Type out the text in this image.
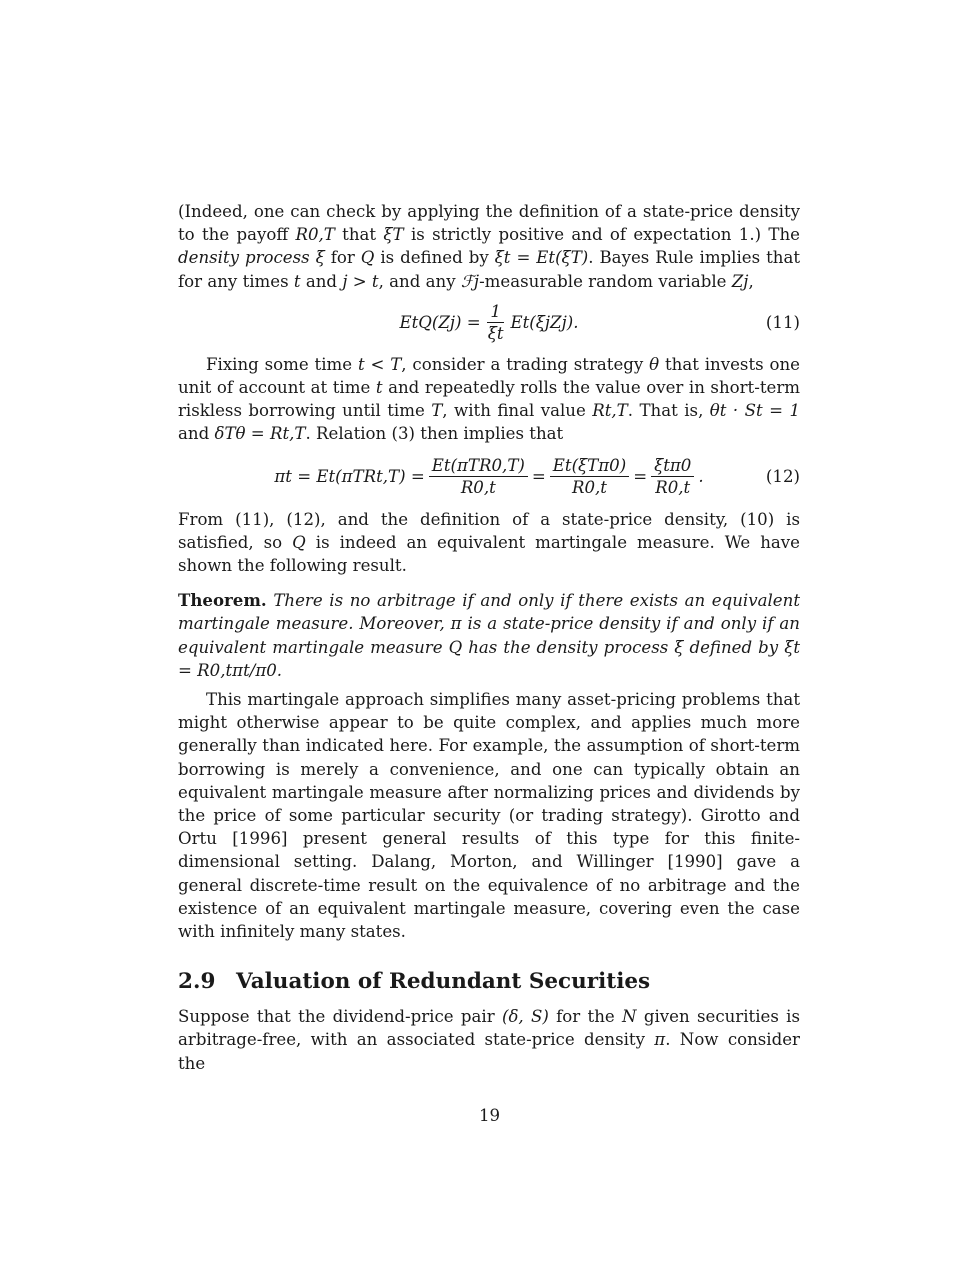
(Indeed, one can check by applying the definition of a state-price density to the payoff R0,T that ξT is strictly positive and of expectation 1.) The density process ξ for Q is defined by ξt = Et(ξT). Bayes Rule implies that for any times t and j > t, and any ℱj-measurable random variable Zj,

$EtQ(Zj) = \frac{1}{\xi t} Et(\xi jZj)$.	(11)

Fixing some time t < T, consider a trading strategy θ that invests one unit of account at time t and repeatedly rolls the value over in short-term riskless borrowing until time T, with final value Rt,T. That is, θt · St = 1 and δTθ = Rt,T. Relation (3) then implies that

$\pi t = Et(\pi TRt,T) = \frac{\text{Et(πTR0,T)}}{R0,t} = \frac{\text{Et(ξTπ0)}}{R0,t} = \frac{\text{ξtπ0}}{R0,t}$ .	(12)

From (11), (12), and the definition of a state-price density, (10) is satisfied, so Q is indeed an equivalent martingale measure. We have shown the following result.

Theorem. There is no arbitrage if and only if there exists an equivalent martingale measure. Moreover, π is a state-price density if and only if an equivalent martingale measure Q has the density process ξ defined by ξt = R0,tπt/π0.

This martingale approach simplifies many asset-pricing problems that might otherwise appear to be quite complex, and applies much more generally than indicated here. For example, the assumption of short-term borrowing is merely a convenience, and one can typically obtain an equivalent martingale measure after normalizing prices and dividends by the price of some particular security (or trading strategy). Girotto and Ortu [1996] present general results of this type for this finite-dimensional setting. Dalang, Morton, and Willinger [1990] gave a general discrete-time result on the equivalence of no arbitrage and the existence of an equivalent martingale measure, covering even the case with infinitely many states.

2.9 Valuation of Redundant Securities

Suppose that the dividend-price pair (δ, S) for the N given securities is arbitrage-free, with an associated state-price density π. Now consider the

19
